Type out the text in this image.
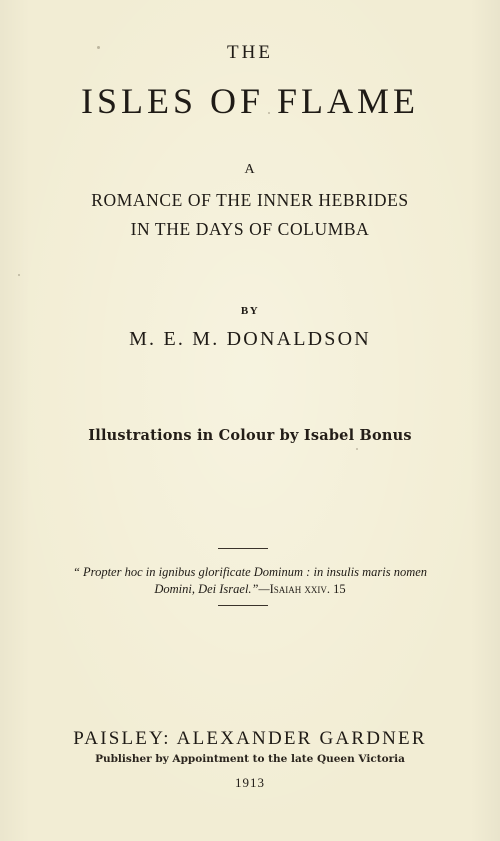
THE
ISLES OF FLAME
A
ROMANCE OF THE INNER HEBRIDES
IN THE DAYS OF COLUMBA
BY
M. E. M. DONALDSON
Illustrations in Colour by Isabel Bonus
“ Propter hoc in ignibus glorificate Dominum : in insulis maris nomen
Domini, Dei Israel.”—Isaiah xxiv. 15
PAISLEY: ALEXANDER GARDNER
Publisher by Appointment to the late Queen Victoria
1913
